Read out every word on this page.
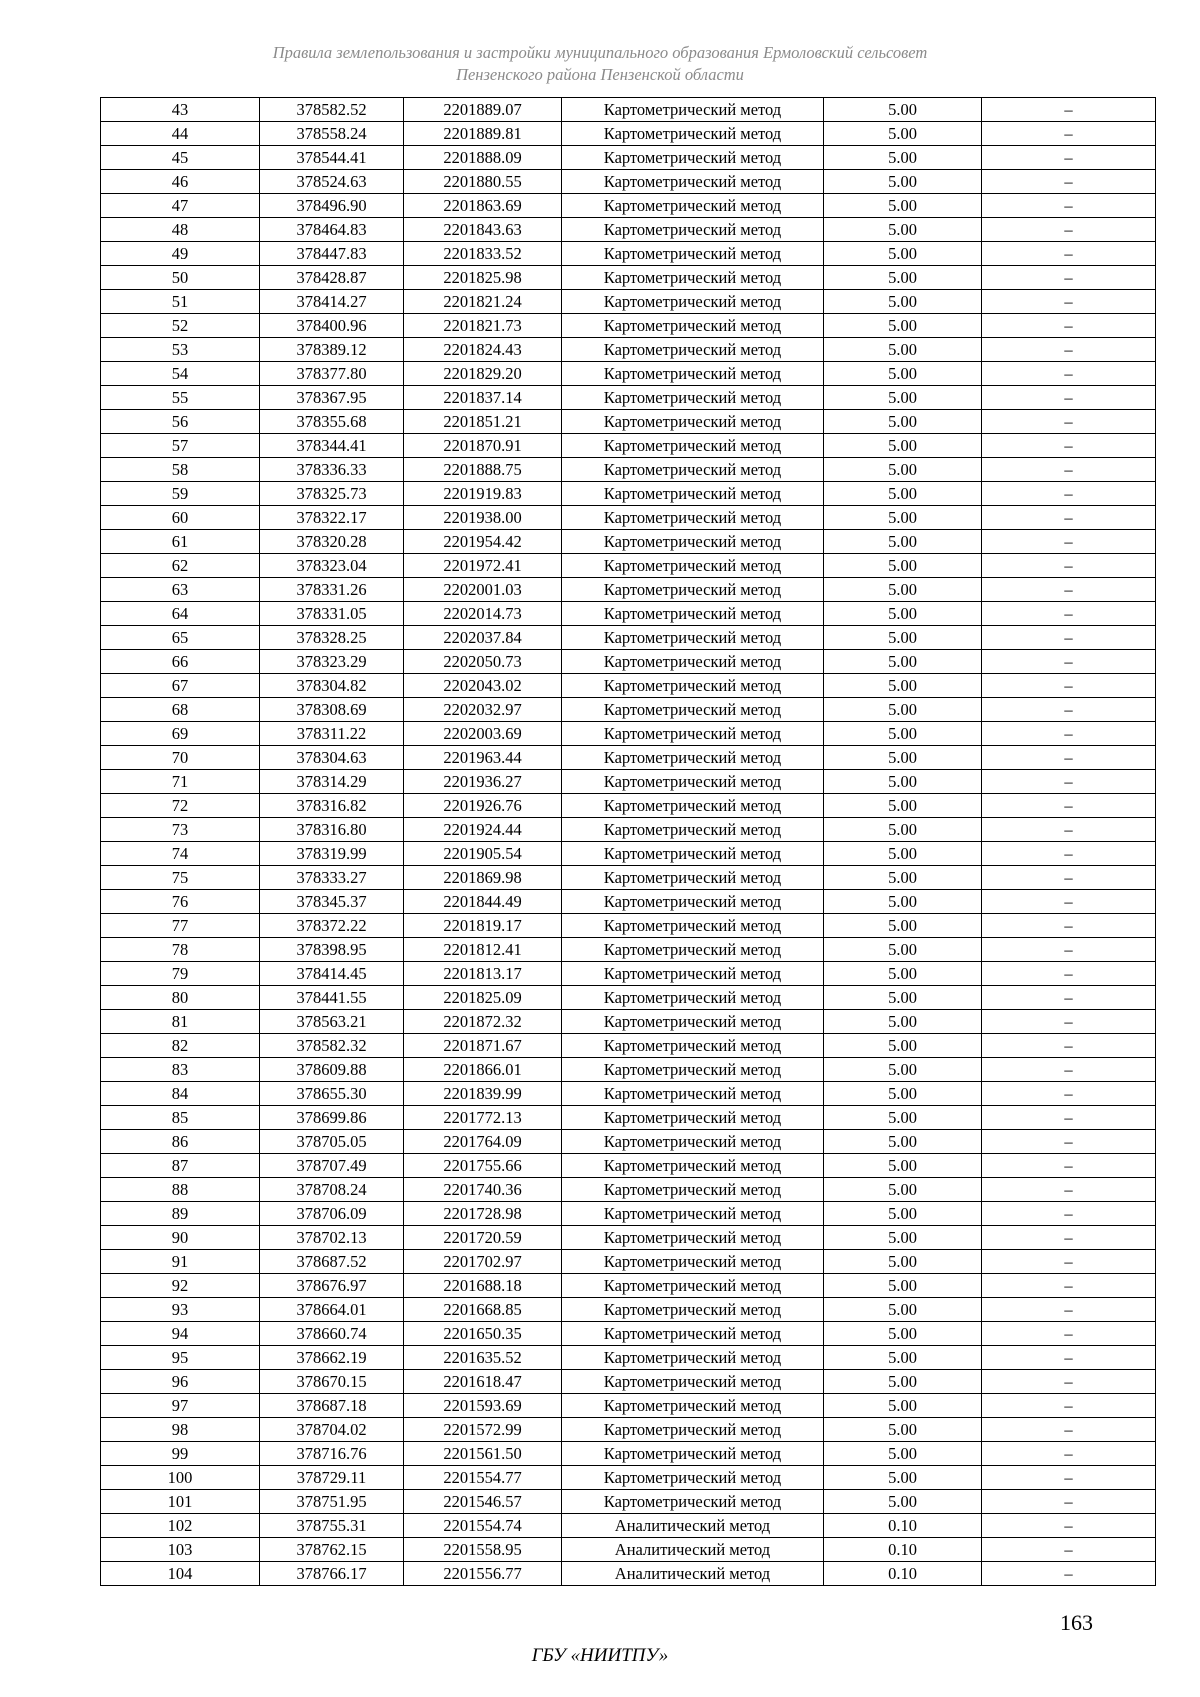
Правила землепользования и застройки муниципального образования Ермоловский сельсовет
Пензенского района Пензенской области
43	378582.52	2201889.07	Картометрический метод	5.00	–
44	378558.24	2201889.81	Картометрический метод	5.00	–
45	378544.41	2201888.09	Картометрический метод	5.00	–
46	378524.63	2201880.55	Картометрический метод	5.00	–
47	378496.90	2201863.69	Картометрический метод	5.00	–
48	378464.83	2201843.63	Картометрический метод	5.00	–
49	378447.83	2201833.52	Картометрический метод	5.00	–
50	378428.87	2201825.98	Картометрический метод	5.00	–
51	378414.27	2201821.24	Картометрический метод	5.00	–
52	378400.96	2201821.73	Картометрический метод	5.00	–
53	378389.12	2201824.43	Картометрический метод	5.00	–
54	378377.80	2201829.20	Картометрический метод	5.00	–
55	378367.95	2201837.14	Картометрический метод	5.00	–
56	378355.68	2201851.21	Картометрический метод	5.00	–
57	378344.41	2201870.91	Картометрический метод	5.00	–
58	378336.33	2201888.75	Картометрический метод	5.00	–
59	378325.73	2201919.83	Картометрический метод	5.00	–
60	378322.17	2201938.00	Картометрический метод	5.00	–
61	378320.28	2201954.42	Картометрический метод	5.00	–
62	378323.04	2201972.41	Картометрический метод	5.00	–
63	378331.26	2202001.03	Картометрический метод	5.00	–
64	378331.05	2202014.73	Картометрический метод	5.00	–
65	378328.25	2202037.84	Картометрический метод	5.00	–
66	378323.29	2202050.73	Картометрический метод	5.00	–
67	378304.82	2202043.02	Картометрический метод	5.00	–
68	378308.69	2202032.97	Картометрический метод	5.00	–
69	378311.22	2202003.69	Картометрический метод	5.00	–
70	378304.63	2201963.44	Картометрический метод	5.00	–
71	378314.29	2201936.27	Картометрический метод	5.00	–
72	378316.82	2201926.76	Картометрический метод	5.00	–
73	378316.80	2201924.44	Картометрический метод	5.00	–
74	378319.99	2201905.54	Картометрический метод	5.00	–
75	378333.27	2201869.98	Картометрический метод	5.00	–
76	378345.37	2201844.49	Картометрический метод	5.00	–
77	378372.22	2201819.17	Картометрический метод	5.00	–
78	378398.95	2201812.41	Картометрический метод	5.00	–
79	378414.45	2201813.17	Картометрический метод	5.00	–
80	378441.55	2201825.09	Картометрический метод	5.00	–
81	378563.21	2201872.32	Картометрический метод	5.00	–
82	378582.32	2201871.67	Картометрический метод	5.00	–
83	378609.88	2201866.01	Картометрический метод	5.00	–
84	378655.30	2201839.99	Картометрический метод	5.00	–
85	378699.86	2201772.13	Картометрический метод	5.00	–
86	378705.05	2201764.09	Картометрический метод	5.00	–
87	378707.49	2201755.66	Картометрический метод	5.00	–
88	378708.24	2201740.36	Картометрический метод	5.00	–
89	378706.09	2201728.98	Картометрический метод	5.00	–
90	378702.13	2201720.59	Картометрический метод	5.00	–
91	378687.52	2201702.97	Картометрический метод	5.00	–
92	378676.97	2201688.18	Картометрический метод	5.00	–
93	378664.01	2201668.85	Картометрический метод	5.00	–
94	378660.74	2201650.35	Картометрический метод	5.00	–
95	378662.19	2201635.52	Картометрический метод	5.00	–
96	378670.15	2201618.47	Картометрический метод	5.00	–
97	378687.18	2201593.69	Картометрический метод	5.00	–
98	378704.02	2201572.99	Картометрический метод	5.00	–
99	378716.76	2201561.50	Картометрический метод	5.00	–
100	378729.11	2201554.77	Картометрический метод	5.00	–
101	378751.95	2201546.57	Картометрический метод	5.00	–
102	378755.31	2201554.74	Аналитический метод	0.10	–
103	378762.15	2201558.95	Аналитический метод	0.10	–
104	378766.17	2201556.77	Аналитический метод	0.10	–
163
ГБУ «НИИТПУ»
